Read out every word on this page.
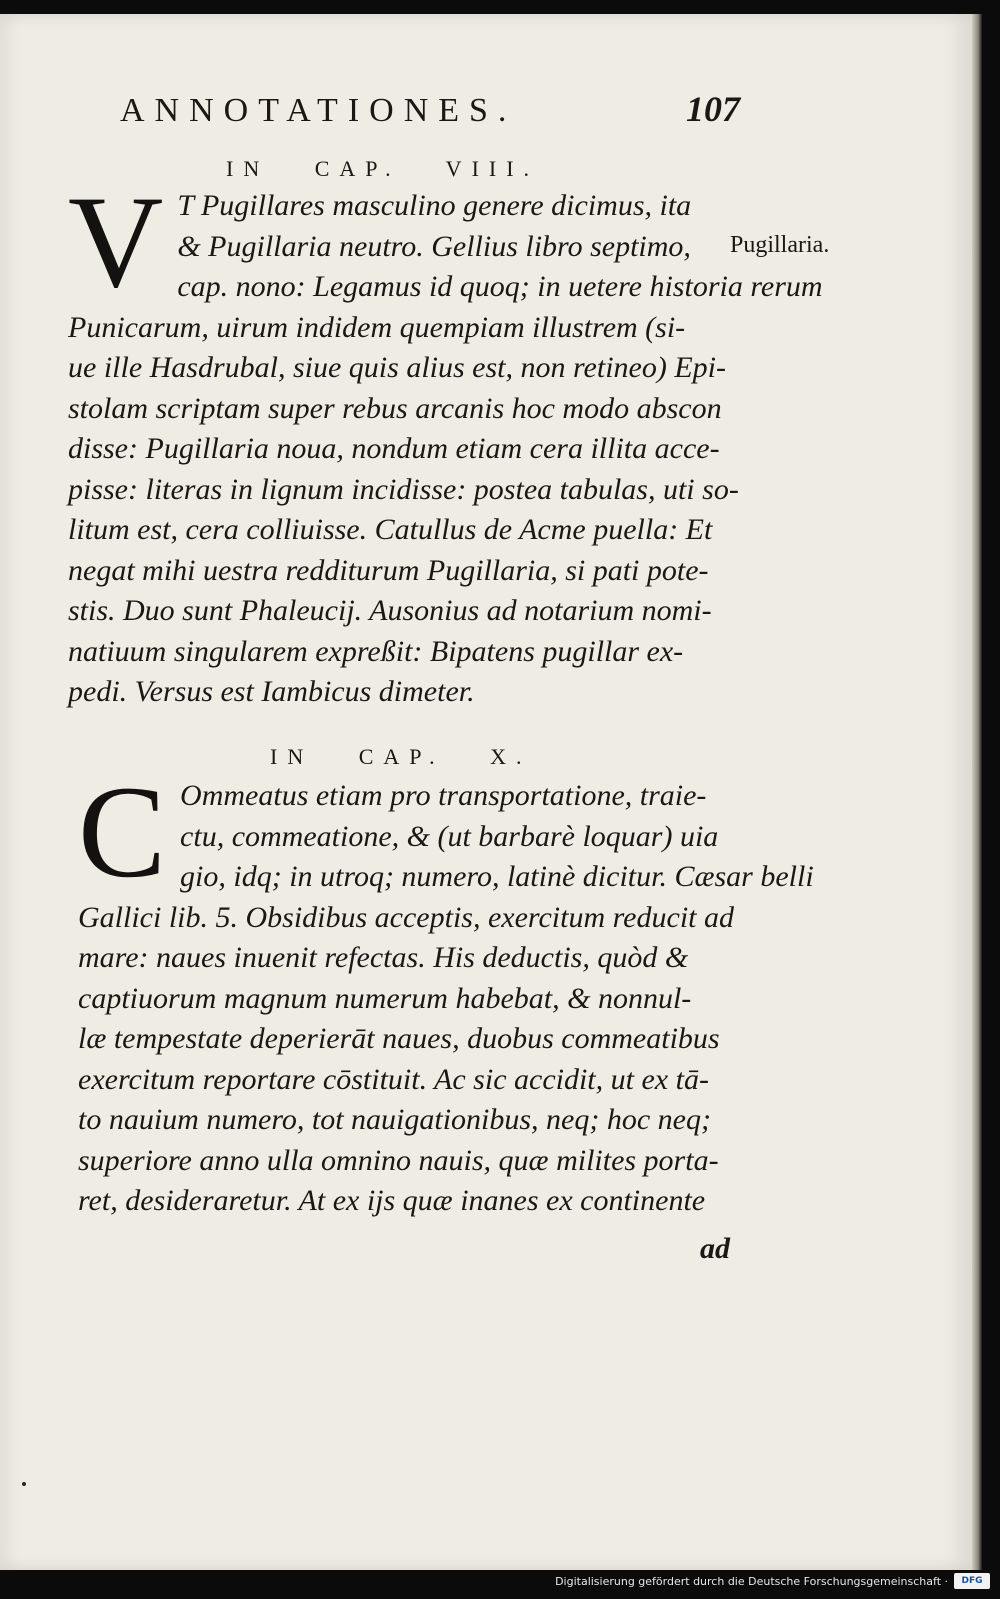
ANNOTATIONES.	107
IN CAP. VIII.
V T Pugillares masculino genere dicimus, ita
& Pugillaria neutro. Gellius libro septimo,
cap. nono: Legamus id quoq; in uetere historia rerum
Punicarum, uirum indidem quempiam illustrem (si-
ue ille Hasdrubal, siue quis alius est, non retineo) Epi-
stolam scriptam super rebus arcanis hoc modo abscon
disse: Pugillaria noua, nondum etiam cera illita acce-
pisse: literas in lignum incidisse: postea tabulas, uti so-
litum est, cera colliuisse. Catullus de Acme puella: Et
negat mihi uestra redditurum Pugillaria, si pati pote-
stis. Duo sunt Phaleucij. Ausonius ad notarium nomi-
natiuum singularem expreßit: Bipatens pugillar ex-
pedi. Versus est Iambicus dimeter.
Pugillaria.
IN CAP. X.
C Ommeatus etiam pro transportatione, traie-
ctu, commeatione, & (ut barbarè loquar) uia
gio, idq; in utroq; numero, latinè dicitur. Cæsar belli
Gallici lib. 5. Obsidibus acceptis, exercitum reducit ad
mare: naues inuenit refectas. His deductis, quòd &
captiuorum magnum numerum habebat, & nonnul-
læ tempestate deperierāt naues, duobus commeatibus
exercitum reportare cōstituit. Ac sic accidit, ut ex tā-
to nauium numero, tot nauigationibus, neq; hoc neq;
superiore anno ulla omnino nauis, quæ milites porta-
ret, desideraretur. At ex ijs quæ inanes ex continente
ad
Digitalisierung gefördert durch die Deutsche Forschungsgemeinschaft ·	DFG
